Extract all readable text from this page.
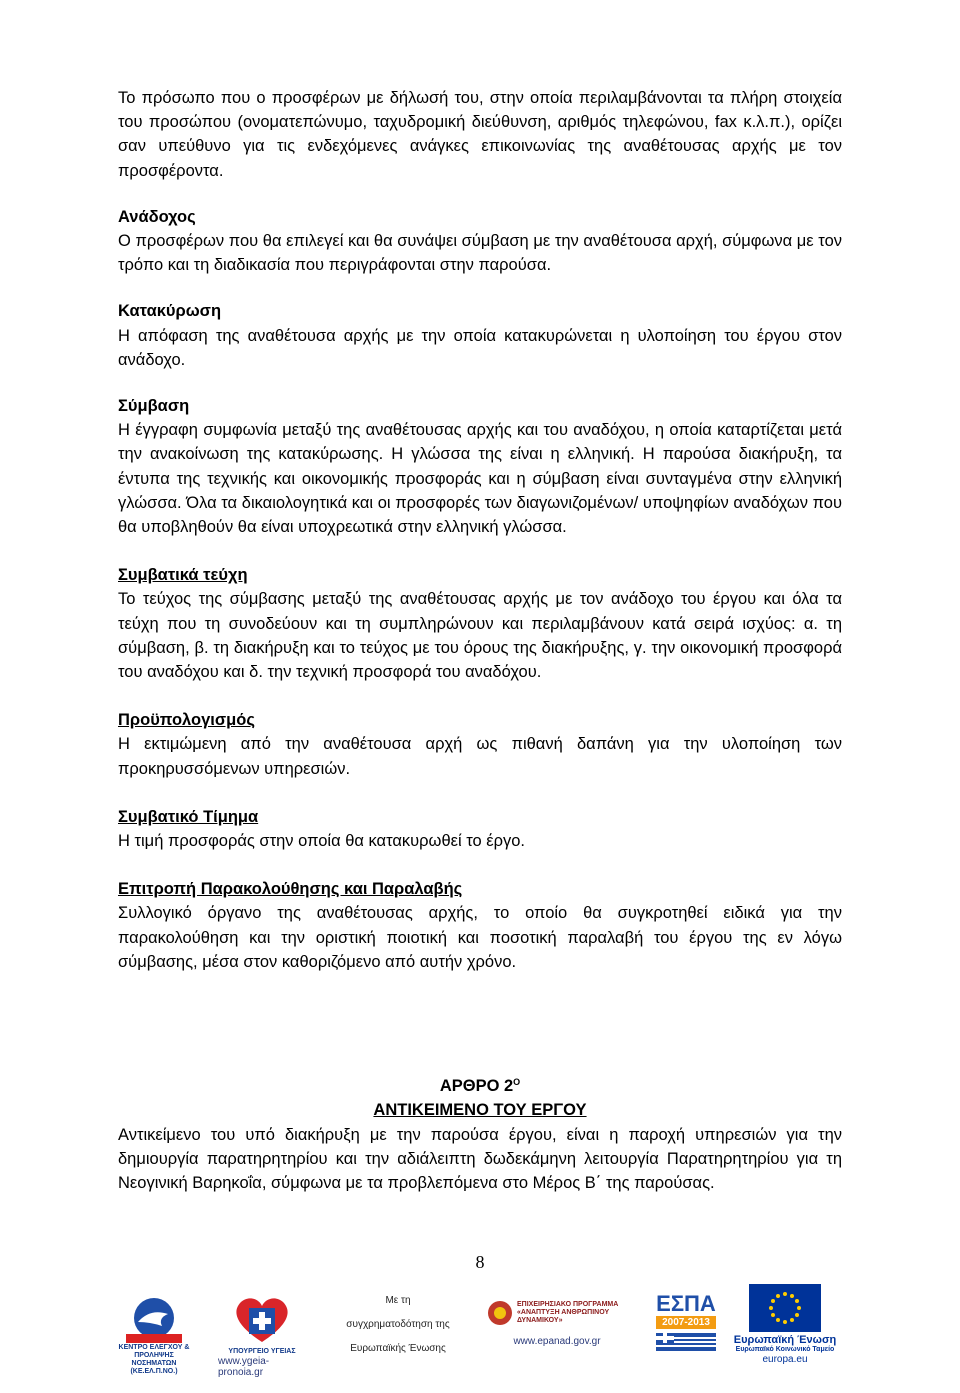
Το πρόσωπο που ο προσφέρων με δήλωσή του, στην οποία περιλαμβάνονται τα πλήρη στοιχεία του προσώπου (ονοματεπώνυμο, ταχυδρομική διεύθυνση, αριθμός τηλεφώνου, fax κ.λ.π.), ορίζει σαν υπεύθυνο για τις ενδεχόμενες ανάγκες επικοινωνίας της αναθέτουσας αρχής με τον προσφέροντα.

Ανάδοχος

Ο προσφέρων που θα επιλεγεί και θα συνάψει σύμβαση με την αναθέτουσα αρχή, σύμφωνα με τον τρόπο και τη διαδικασία που περιγράφονται στην παρούσα.

Κατακύρωση

Η απόφαση της αναθέτουσα αρχής με την οποία κατακυρώνεται η υλοποίηση του έργου στον ανάδοχο.

Σύμβαση

Η έγγραφη συμφωνία μεταξύ της αναθέτουσας αρχής και του αναδόχου, η οποία καταρτίζεται μετά την ανακοίνωση της κατακύρωσης. Η γλώσσα της είναι η ελληνική. Η παρούσα διακήρυξη, τα έντυπα της τεχνικής και οικονομικής προσφοράς και η σύμβαση είναι συνταγμένα στην ελληνική γλώσσα. Όλα τα δικαιολογητικά και οι προσφορές των διαγωνιζομένων/ υποψηφίων αναδόχων που θα υποβληθούν θα είναι υποχρεωτικά στην ελληνική γλώσσα.

Συμβατικά τεύχη

Το τεύχος της σύμβασης μεταξύ της αναθέτουσας αρχής με τον ανάδοχο του έργου και όλα τα τεύχη που τη συνοδεύουν και τη συμπληρώνουν και περιλαμβάνουν κατά σειρά ισχύος: α. τη σύμβαση, β. τη διακήρυξη και το τεύχος με του όρους της διακήρυξης, γ. την οικονομική προσφορά του αναδόχου και δ. την τεχνική προσφορά του αναδόχου.

Προϋπολογισμός

Η εκτιμώμενη από την αναθέτουσα αρχή ως πιθανή δαπάνη για την υλοποίηση των προκηρυσσόμενων υπηρεσιών.

Συμβατικό Τίμημα

Η τιμή προσφοράς στην οποία θα κατακυρωθεί το έργο.

Επιτροπή Παρακολούθησης και Παραλαβής

Συλλογικό όργανο της αναθέτουσας αρχής, το οποίο θα συγκροτηθεί ειδικά για την παρακολούθηση και την οριστική ποιοτική και ποσοτική παραλαβή του έργου της εν λόγω σύμβασης, μέσα στον καθοριζόμενο από αυτήν χρόνο.

ΑΡΘΡΟ $2^O$
ΑΝΤΙΚΕΙΜΕΝΟ ΤΟΥ ΕΡΓΟΥ

Αντικείμενο του υπό διακήρυξη με την παρούσα έργου, είναι η παροχή υπηρεσιών για την δημιουργία παρατηρητηρίου και την αδιάλειπτη δωδεκάμηνη λειτουργία Παρατηρητηρίου για τη Νεογινική Βαρηκοΐα, σύμφωνα με τα προβλεπόμενα στο Μέρος Β΄ της παρούσας.

8
ΚΕΝΤΡΟ ΕΛΕΓΧΟΥ & ΠΡΟΛΗΨΗΣ ΝΟΣΗΜΑΤΩΝ (ΚΕ.ΕΛ.Π.ΝΟ.)
ΥΠΟΥΡΓΕΙΟ ΥΓΕΙΑΣ
www.ygeia-pronoia.gr
Με τη
συγχρηματοδότηση της
Ευρωπαϊκής Ένωσης
ΕΠΙΧΕΙΡΗΣΙΑΚΟ ΠΡΟΓΡΑΜΜΑ «ΑΝΑΠΤΥΞΗ ΑΝΘΡΩΠΙΝΟΥ ΔΥΝΑΜΙΚΟΥ»
www.epanad.gov.gr
ΕΣΠΑ
2007-2013
Ευρωπαϊκή Ένωση
Ευρωπαϊκό Κοινωνικό Ταμείο
europa.eu
